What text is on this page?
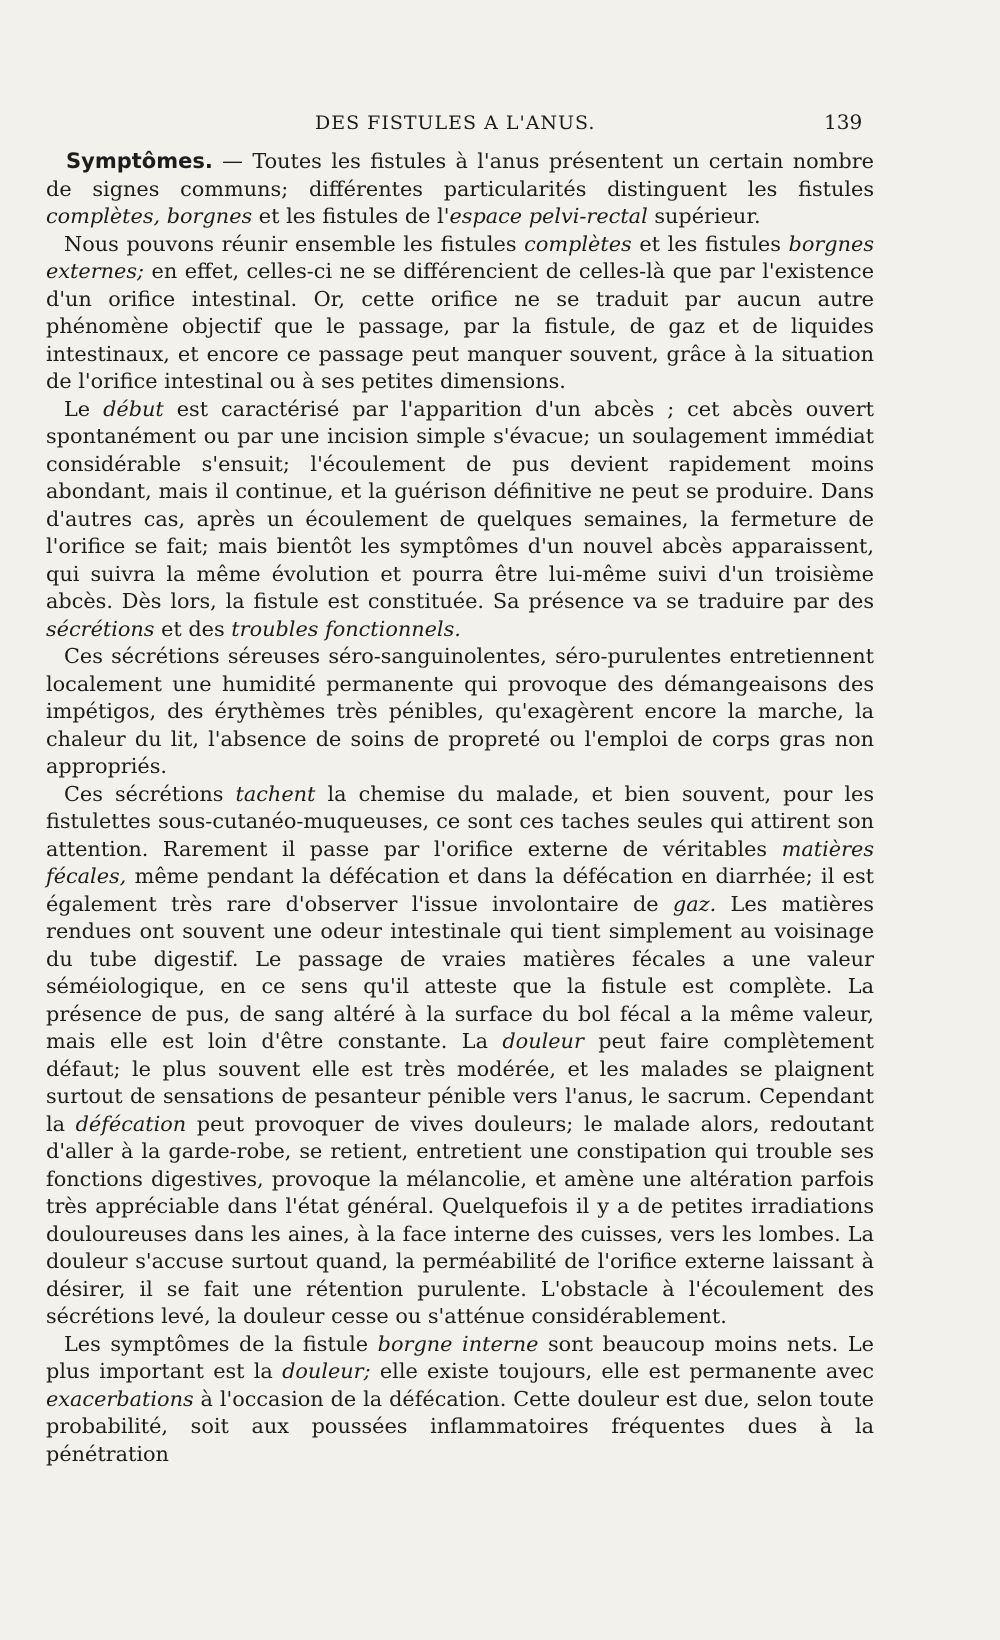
DES FISTULES A L'ANUS.	139

Symptômes. — Toutes les fistules à l'anus présentent un certain nombre de signes communs; différentes particularités distinguent les fistules complètes, borgnes et les fistules de l'espace pelvi-rectal supérieur.

Nous pouvons réunir ensemble les fistules complètes et les fistules borgnes externes; en effet, celles-ci ne se différencient de celles-là que par l'existence d'un orifice intestinal. Or, cette orifice ne se traduit par aucun autre phénomène objectif que le passage, par la fistule, de gaz et de liquides intestinaux, et encore ce passage peut manquer souvent, grâce à la situation de l'orifice intestinal ou à ses petites dimensions.

Le début est caractérisé par l'apparition d'un abcès ; cet abcès ouvert spontanément ou par une incision simple s'évacue; un soulagement immédiat considérable s'ensuit; l'écoulement de pus devient rapidement moins abondant, mais il continue, et la guérison définitive ne peut se produire. Dans d'autres cas, après un écoulement de quelques semaines, la fermeture de l'orifice se fait; mais bientôt les symptômes d'un nouvel abcès apparaissent, qui suivra la même évolution et pourra être lui-même suivi d'un troisième abcès. Dès lors, la fistule est constituée. Sa présence va se traduire par des sécrétions et des troubles fonctionnels.

Ces sécrétions séreuses séro-sanguinolentes, séro-purulentes entretiennent localement une humidité permanente qui provoque des démangeaisons des impétigos, des érythèmes très pénibles, qu'exagèrent encore la marche, la chaleur du lit, l'absence de soins de propreté ou l'emploi de corps gras non appropriés.

Ces sécrétions tachent la chemise du malade, et bien souvent, pour les fistulettes sous-cutanéo-muqueuses, ce sont ces taches seules qui attirent son attention. Rarement il passe par l'orifice externe de véritables matières fécales, même pendant la défécation et dans la défécation en diarrhée; il est également très rare d'observer l'issue involontaire de gaz. Les matières rendues ont souvent une odeur intestinale qui tient simplement au voisinage du tube digestif. Le passage de vraies matières fécales a une valeur séméiologique, en ce sens qu'il atteste que la fistule est complète. La présence de pus, de sang altéré à la surface du bol fécal a la même valeur, mais elle est loin d'être constante. La douleur peut faire complètement défaut; le plus souvent elle est très modérée, et les malades se plaignent surtout de sensations de pesanteur pénible vers l'anus, le sacrum. Cependant la défécation peut provoquer de vives douleurs; le malade alors, redoutant d'aller à la garde-robe, se retient, entretient une constipation qui trouble ses fonctions digestives, provoque la mélancolie, et amène une altération parfois très appréciable dans l'état général. Quelquefois il y a de petites irradiations douloureuses dans les aines, à la face interne des cuisses, vers les lombes. La douleur s'accuse surtout quand, la perméabilité de l'orifice externe laissant à désirer, il se fait une rétention purulente. L'obstacle à l'écoulement des sécrétions levé, la douleur cesse ou s'atténue considérablement.

Les symptômes de la fistule borgne interne sont beaucoup moins nets. Le plus important est la douleur; elle existe toujours, elle est permanente avec exacerbations à l'occasion de la défécation. Cette douleur est due, selon toute probabilité, soit aux poussées inflammatoires fréquentes dues à la pénétration
